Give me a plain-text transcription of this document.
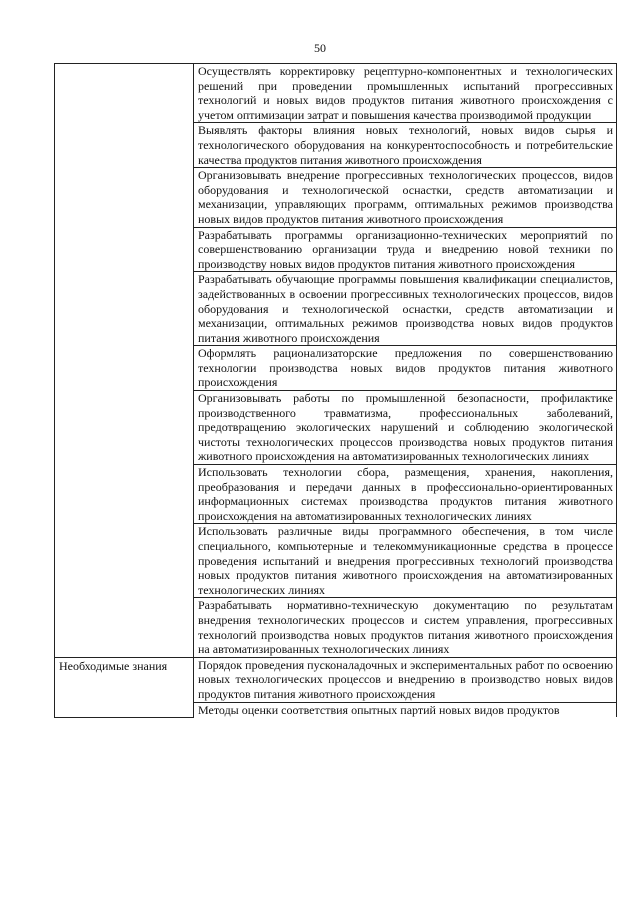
50

	Осуществлять корректировку рецептурно-компонентных и технологических решений при проведении промышленных испытаний прогрессивных технологий и новых видов продуктов питания животного происхождения с учетом оптимизации затрат и повышения качества производимой продукции

	Выявлять факторы влияния новых технологий, новых видов сырья и технологического оборудования на конкурентоспособность и потребительские качества продуктов питания животного происхождения

	Организовывать внедрение прогрессивных технологических процессов, видов оборудования и технологической оснастки, средств автоматизации и механизации, управляющих программ, оптимальных режимов производства новых видов продуктов питания животного происхождения

	Разрабатывать программы организационно-технических мероприятий по совершенствованию организации труда и внедрению новой техники по производству новых видов продуктов питания животного происхождения

	Разрабатывать обучающие программы повышения квалификации специалистов, задействованных в освоении прогрессивных технологических процессов, видов оборудования и технологической оснастки, средств автоматизации и механизации, оптимальных режимов производства новых видов продуктов питания животного происхождения

	Оформлять рационализаторские предложения по совершенствованию технологии производства новых видов продуктов питания животного происхождения

	Организовывать работы по промышленной безопасности, профилактике производственного травматизма, профессиональных заболеваний, предотвращению экологических нарушений и соблюдению экологической чистоты технологических процессов производства новых продуктов питания животного происхождения на автоматизированных технологических линиях

	Использовать технологии сбора, размещения, хранения, накопления, преобразования и передачи данных в профессионально-ориентированных информационных системах производства продуктов питания животного происхождения на автоматизированных технологических линиях

	Использовать различные виды программного обеспечения, в том числе специального, компьютерные и телекоммуникационные средства в процессе проведения испытаний и внедрения прогрессивных технологий производства новых продуктов питания животного происхождения на автоматизированных технологических линиях

	Разрабатывать нормативно-техническую документацию по результатам внедрения технологических процессов и систем управления, прогрессивных технологий производства новых продуктов питания животного происхождения на автоматизированных технологических линиях

Необходимые знания	Порядок проведения пусконаладочных и экспериментальных работ по освоению новых технологических процессов и внедрению в производство новых видов продуктов питания животного происхождения

	Методы оценки соответствия опытных партий новых видов продуктов
